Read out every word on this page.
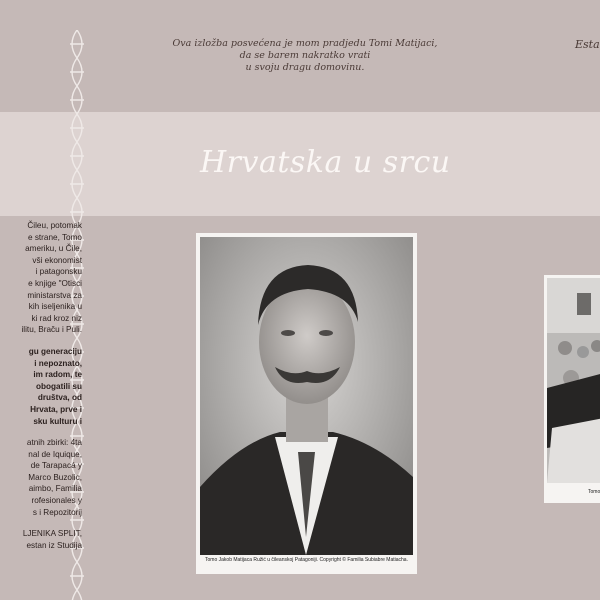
Ova izložba posvećena je mom pradjedu Tomi Matijaci,
da se barem nakratko vrati
u svoju dragu domovinu.
Esta
Hrvatska u srcu
Čileu, potomak
e strane, Tomo
ameriku, u Čile,
vši ekonomist
i patagonsku
e knjige "Otisci
ministarstva za
kih iseljenika u
ki rad kroz niz
ilitu, Braču i Puli.
gu generaciju
i nepoznato,
im radom, te
obogatili su
društva, od
Hrvata, prve i
sku kulturu i
atnih zbirki: 4ta
nal de Iquique,
de Tarapacá y
Marco Buzolic,
aimbo, Familia
rofesionales y
s i Repozitorij
LJENIKA SPLIT,
estan iz Studija
Tomo Jakob Matijaca Ružić u čileanskoj Patagoniji. Copyright © Familia Subiabre Matiacha.
Tomo
